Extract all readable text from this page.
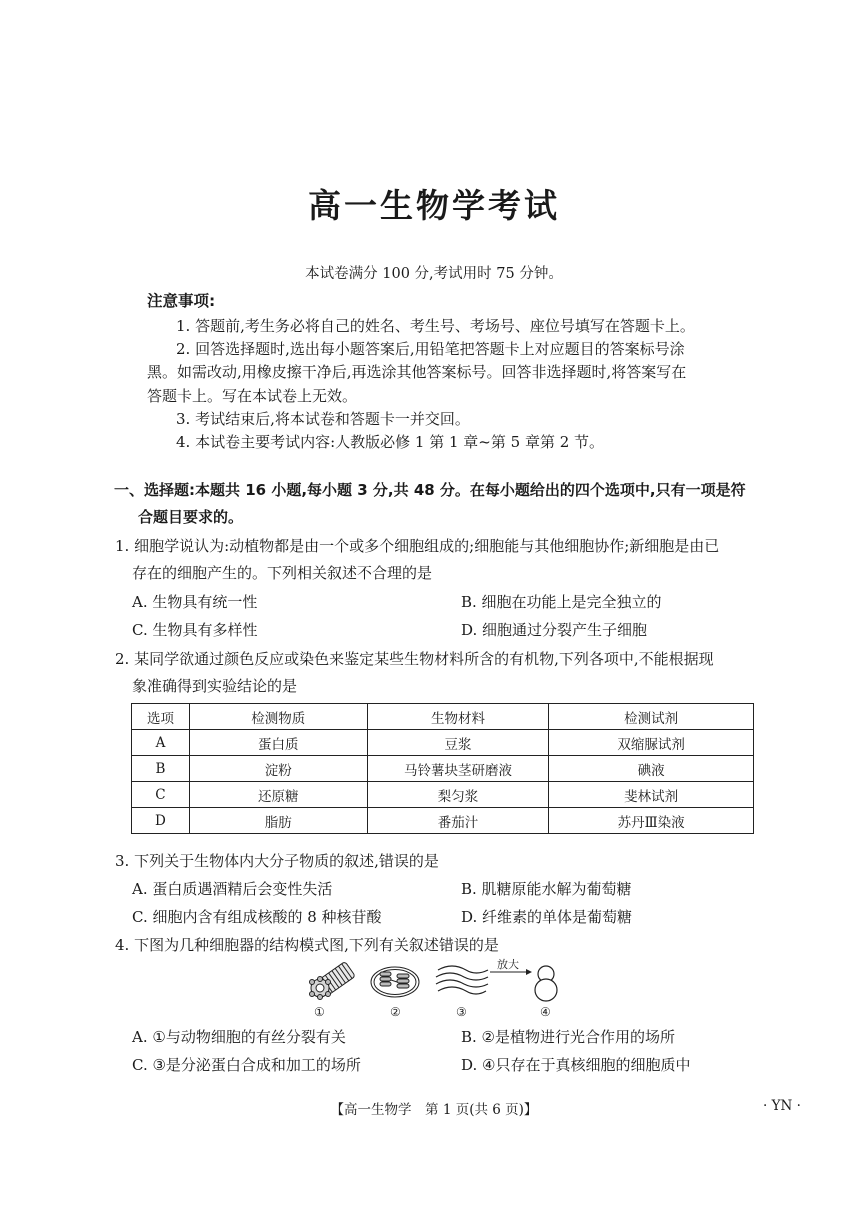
高一生物学考试
本试卷满分 100 分,考试用时 75 分钟。
注意事项:
1. 答题前,考生务必将自己的姓名、考生号、考场号、座位号填写在答题卡上。
2. 回答选择题时,选出每小题答案后,用铅笔把答题卡上对应题目的答案标号涂
黑。如需改动,用橡皮擦干净后,再选涂其他答案标号。回答非选择题时,将答案写在
答题卡上。写在本试卷上无效。
3. 考试结束后,将本试卷和答题卡一并交回。
4. 本试卷主要考试内容:人教版必修 1 第 1 章~第 5 章第 2 节。
一、选择题:本题共 16 小题,每小题 3 分,共 48 分。在每小题给出的四个选项中,只有一项是符
合题目要求的。
1. 细胞学说认为:动植物都是由一个或多个细胞组成的;细胞能与其他细胞协作;新细胞是由已
存在的细胞产生的。下列相关叙述不合理的是
A. 生物具有统一性	B. 细胞在功能上是完全独立的
C. 生物具有多样性	D. 细胞通过分裂产生子细胞
2. 某同学欲通过颜色反应或染色来鉴定某些生物材料所含的有机物,下列各项中,不能根据现
象准确得到实验结论的是
选项	检测物质	生物材料	检测试剂
A	蛋白质	豆浆	双缩脲试剂
B	淀粉	马铃薯块茎研磨液	碘液
C	还原糖	梨匀浆	斐林试剂
D	脂肪	番茄汁	苏丹Ⅲ染液
3. 下列关于生物体内大分子物质的叙述,错误的是
A. 蛋白质遇酒精后会变性失活	B. 肌糖原能水解为葡萄糖
C. 细胞内含有组成核酸的 8 种核苷酸	D. 纤维素的单体是葡萄糖
4. 下图为几种细胞器的结构模式图,下列有关叙述错误的是
放大
①	②	③	④
A. ①与动物细胞的有丝分裂有关	B. ②是植物进行光合作用的场所
C. ③是分泌蛋白合成和加工的场所	D. ④只存在于真核细胞的细胞质中
【高一生物学　第 1 页(共 6 页)】	· YN ·
